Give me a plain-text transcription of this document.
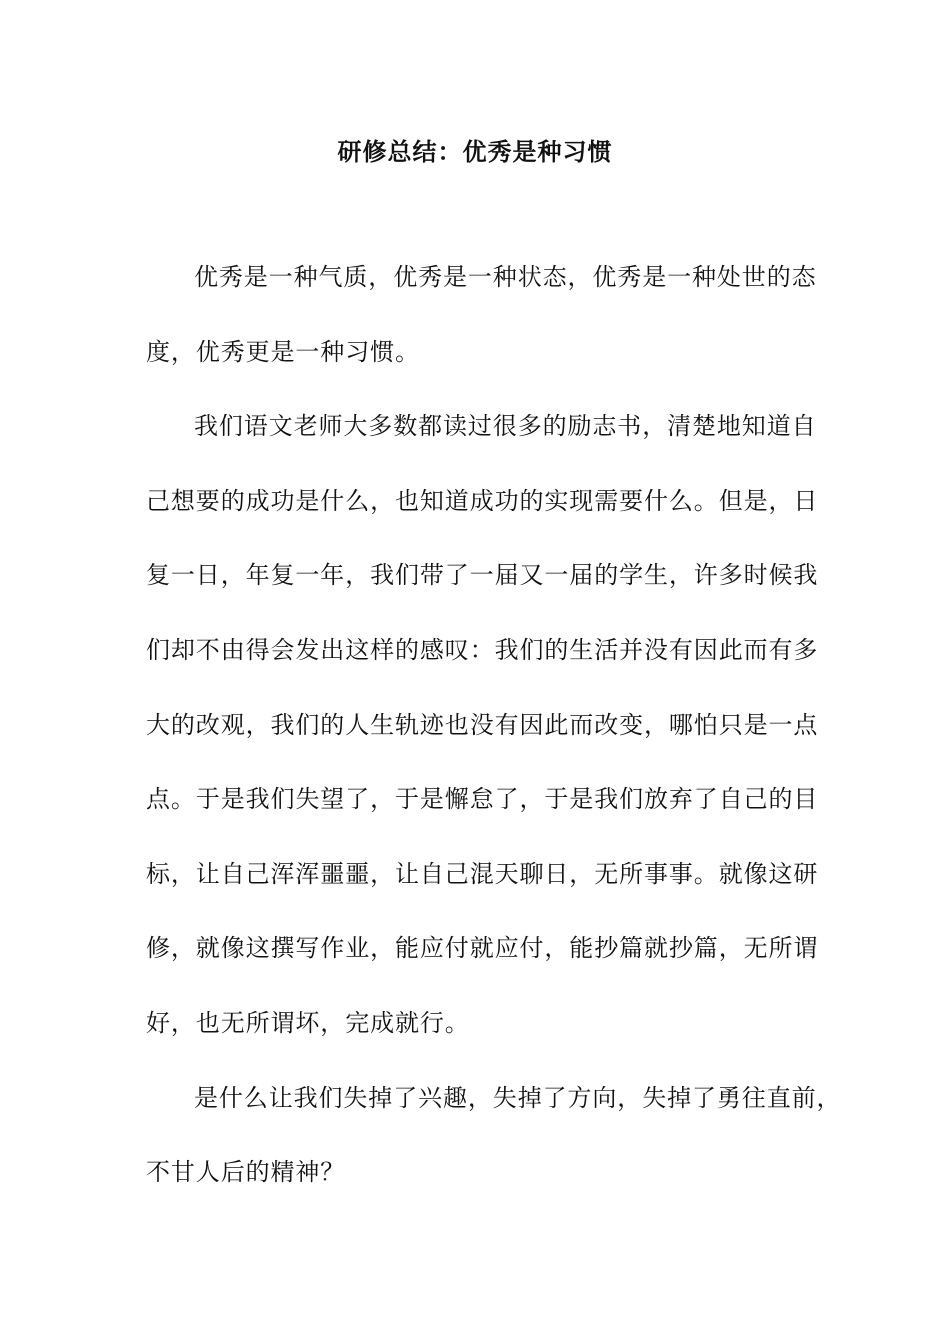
研修总结：优秀是种习惯
优秀是一种气质，优秀是一种状态，优秀是一种处世的态
度，优秀更是一种习惯。
我们语文老师大多数都读过很多的励志书，清楚地知道自
己想要的成功是什么，也知道成功的实现需要什么。但是，日
复一日，年复一年，我们带了一届又一届的学生，许多时候我
们却不由得会发出这样的感叹：我们的生活并没有因此而有多
大的改观，我们的人生轨迹也没有因此而改变，哪怕只是一点
点。于是我们失望了，于是懈怠了，于是我们放弃了自己的目
标，让自己浑浑噩噩，让自己混天聊日，无所事事。就像这研
修，就像这撰写作业，能应付就应付，能抄篇就抄篇，无所谓
好，也无所谓坏，完成就行。
是什么让我们失掉了兴趣，失掉了方向，失掉了勇往直前，
不甘人后的精神？
